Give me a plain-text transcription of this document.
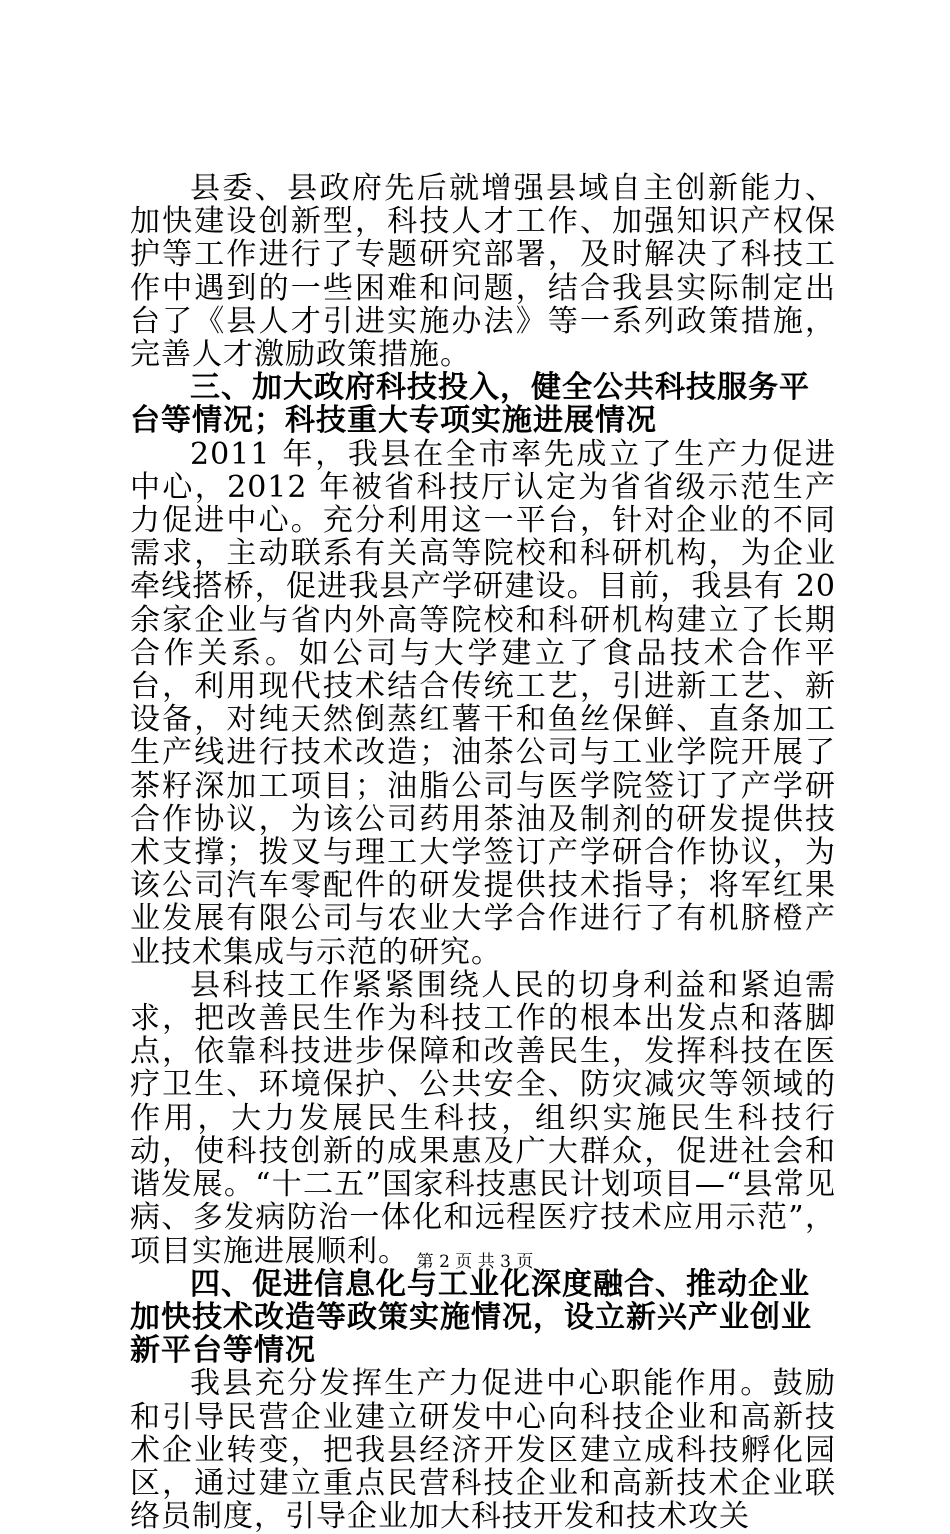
县委、县政府先后就增强县域自主创新能力、加快建设创新型，科技人才工作、加强知识产权保护等工作进行了专题研究部署，及时解决了科技工作中遇到的一些困难和问题，结合我县实际制定出台了《县人才引进实施办法》等一系列政策措施，完善人才激励政策措施。

三、加大政府科技投入，健全公共科技服务平台等情况；科技重大专项实施进展情况

2011 年，我县在全市率先成立了生产力促进中心，2012 年被省科技厅认定为省省级示范生产力促进中心。充分利用这一平台，针对企业的不同需求，主动联系有关高等院校和科研机构，为企业牵线搭桥，促进我县产学研建设。目前，我县有 20余家企业与省内外高等院校和科研机构建立了长期合作关系。如公司与大学建立了食品技术合作平台，利用现代技术结合传统工艺，引进新工艺、新设备，对纯天然倒蒸红薯干和鱼丝保鲜、直条加工生产线进行技术改造；油茶公司与工业学院开展了茶籽深加工项目；油脂公司与医学院签订了产学研合作协议，为该公司药用茶油及制剂的研发提供技术支撑；拨叉与理工大学签订产学研合作协议，为该公司汽车零配件的研发提供技术指导；将军红果业发展有限公司与农业大学合作进行了有机脐橙产业技术集成与示范的研究。

县科技工作紧紧围绕人民的切身利益和紧迫需求，把改善民生作为科技工作的根本出发点和落脚点，依靠科技进步保障和改善民生，发挥科技在医疗卫生、环境保护、公共安全、防灾减灾等领域的作用，大力发展民生科技，组织实施民生科技行动，使科技创新的成果惠及广大群众，促进社会和谐发展。“十二五”国家科技惠民计划项目—“县常见病、多发病防治一体化和远程医疗技术应用示范”，项目实施进展顺利。

四、促进信息化与工业化深度融合、推动企业加快技术改造等政策实施情况，设立新兴产业创业新平台等情况

我县充分发挥生产力促进中心职能作用。鼓励和引导民营企业建立研发中心向科技企业和高新技术企业转变，把我县经济开发区建立成科技孵化园区，通过建立重点民营科技企业和高新技术企业联络员制度，引导企业加大科技开发和技术攻关

第 2 页 共 3 页
